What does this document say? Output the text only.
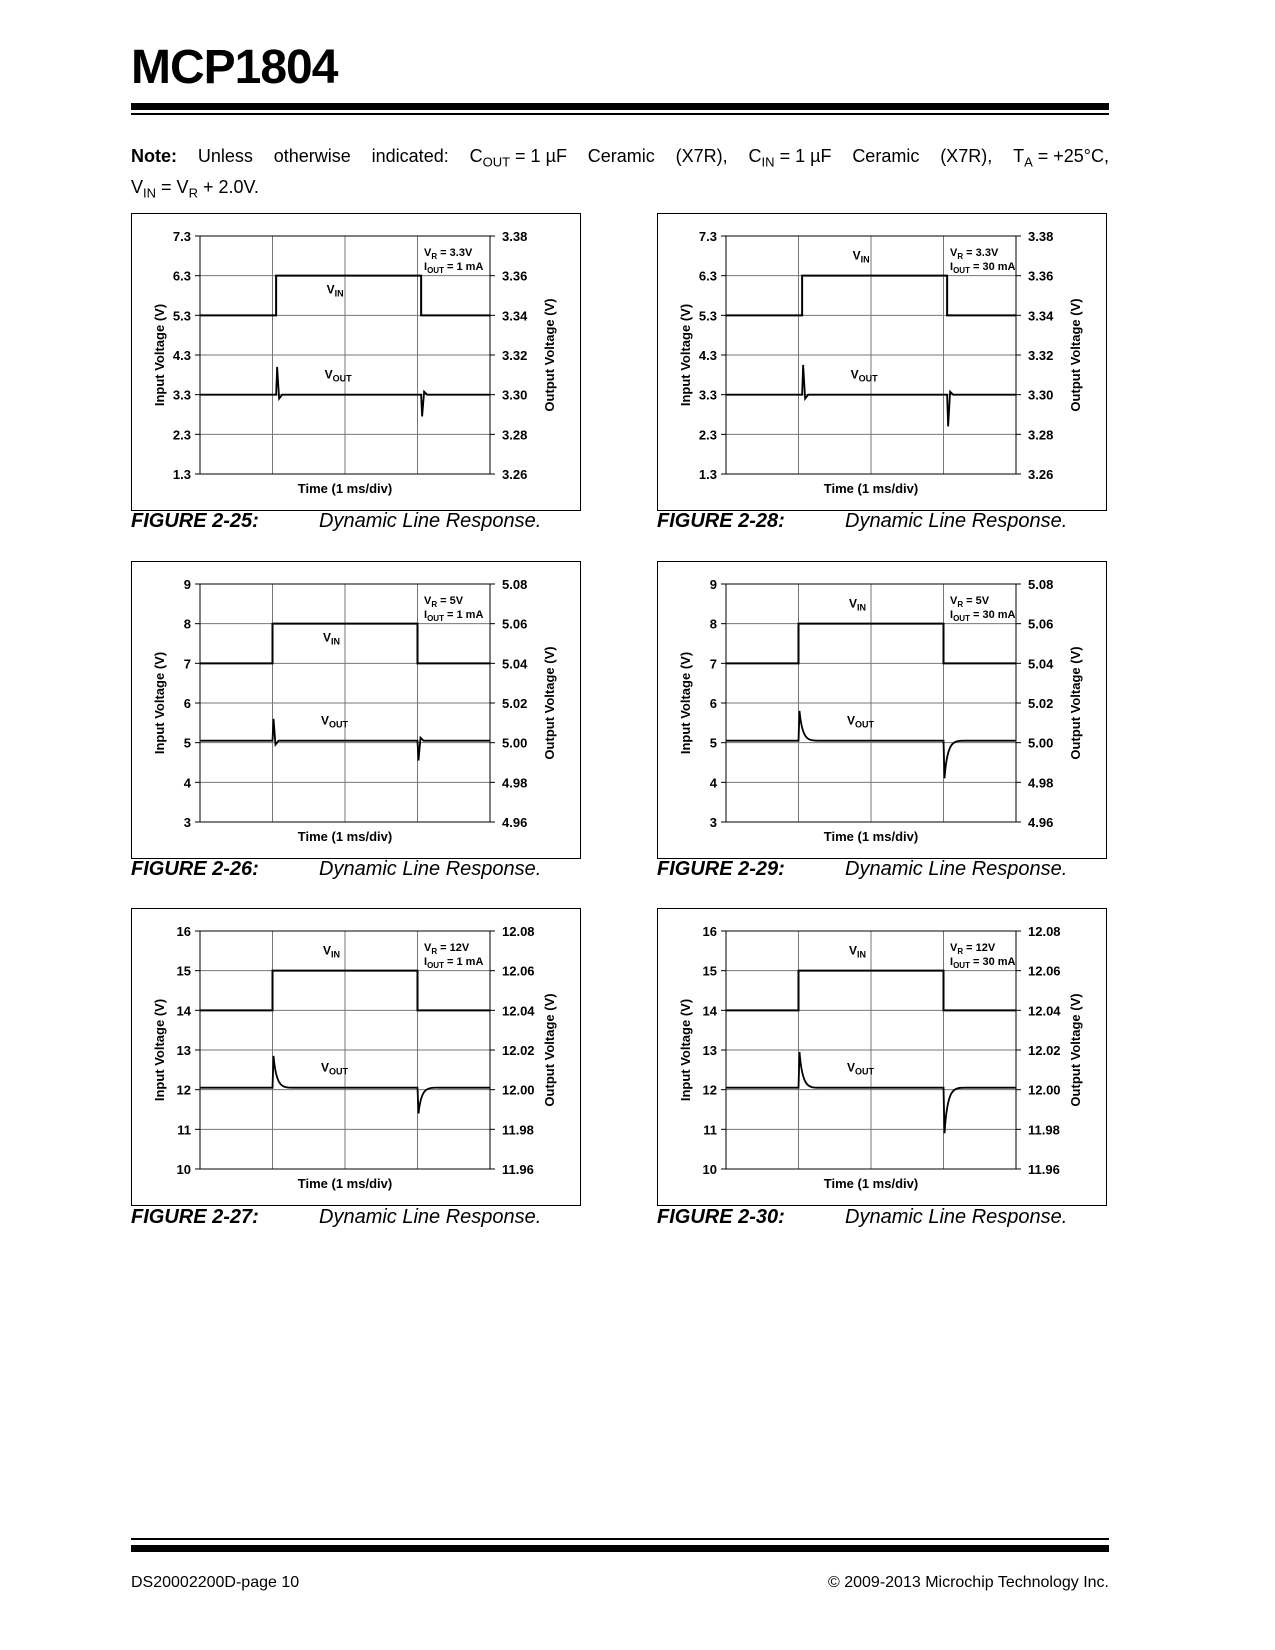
MCP1804
Note: Unless otherwise indicated: $C_{OUT} = 1$ µF Ceramic (X7R), $C_{IN} = 1$ µF Ceramic (X7R), $T_A = +25^\circ C$,
$V_{IN} = V_R + 2.0V$.
7.3	3.38
6.3	3.36
5.3	3.34
4.3	3.32
3.3	3.30
2.3	3.28
1.3	3.26
Time (1 ms/div)
Input Voltage (V)	Output Voltage (V)
$V_{IN}$
$V_{OUT}$
$V_R = 3.3V$
$I_{OUT} = 1$ mA
7.3	3.38
6.3	3.36
5.3	3.34
4.3	3.32
3.3	3.30
2.3	3.28
1.3	3.26
Time (1 ms/div)
Input Voltage (V)	Output Voltage (V)
$V_{IN}$
$V_{OUT}$
$V_R = 3.3V$
$I_{OUT} = 30$ mA
9	5.08
8	5.06
7	5.04
6	5.02
5	5.00
4	4.98
3	4.96
Time (1 ms/div)
Input Voltage (V)	Output Voltage (V)
$V_{IN}$
$V_{OUT}$
$V_R = 5V$
$I_{OUT} = 1$ mA
9	5.08
8	5.06
7	5.04
6	5.02
5	5.00
4	4.98
3	4.96
Time (1 ms/div)
Input Voltage (V)	Output Voltage (V)
$V_{IN}$
$V_{OUT}$
$V_R = 5V$
$I_{OUT} = 30$ mA
16	12.08
15	12.06
14	12.04
13	12.02
12	12.00
11	11.98
10	11.96
Time (1 ms/div)
Input Voltage (V)	Output Voltage (V)
$V_{IN}$
$V_{OUT}$
$V_R = 12V$
$I_{OUT} = 1$ mA
16	12.08
15	12.06
14	12.04
13	12.02
12	12.00
11	11.98
10	11.96
Time (1 ms/div)
Input Voltage (V)	Output Voltage (V)
$V_{IN}$
$V_{OUT}$
$V_R = 12V$
$I_{OUT} = 30$ mA
FIGURE 2-25:	Dynamic Line Response.	FIGURE 2-28:	Dynamic Line Response.
FIGURE 2-26:	Dynamic Line Response.	FIGURE 2-29:	Dynamic Line Response.
FIGURE 2-27:	Dynamic Line Response.	FIGURE 2-30:	Dynamic Line Response.
DS20002200D-page 10	© 2009-2013 Microchip Technology Inc.
